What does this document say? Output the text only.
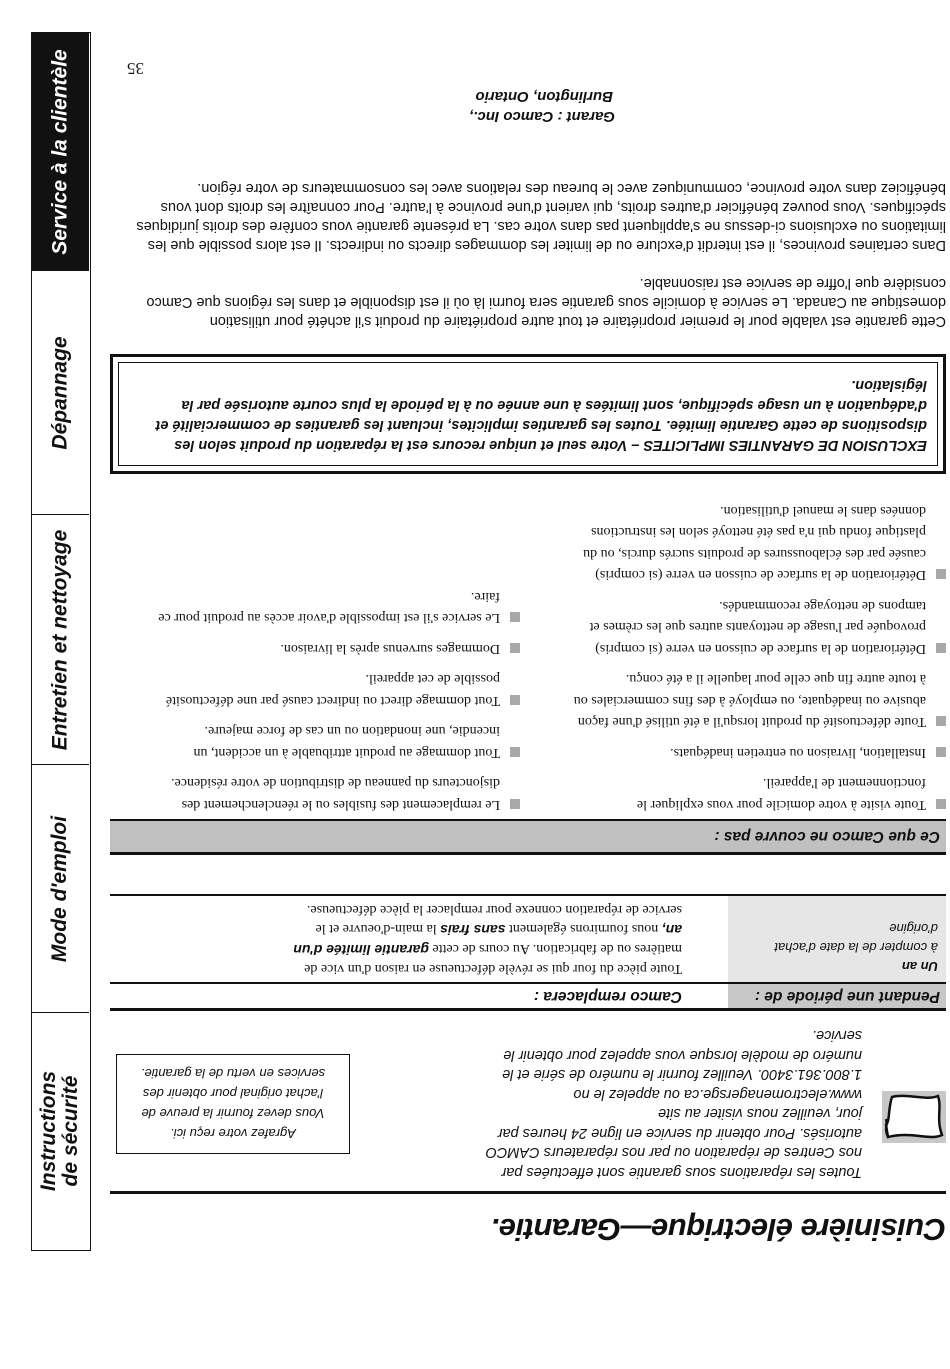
Service à la clientèle
Dépannage
Entretien et nettoyage
Mode d'emploi
Instructions de sécurité
Cuisinière électrique—Garantie.

Toutes les réparations sous garantie sont effectuées par nos Centres de réparation ou par nos réparateurs CAMCO autorisés. Pour obtenir du service en ligne 24 heures par jour, veuillez nous visiter au site www.electromenagersge.ca ou appelez le no 1.800.361.3400. Veuillez fournir le numéro de série et le numéro de modèle lorsque vous appelez pour obtenir le service.

Agrafez votre reçu ici.
Vous devez fournir la preuve de l'achat original pour obtenir des services en vertu de la garantie.
Pendant une période de :
Camco remplacera :
Un an
à compter de la date d'achat d'origine

Toute pièce du four qui se révèle défectueuse en raison d'un vice de matières ou de fabrication. Au cours de cette garantie limitée d'un an, nous fournirons également sans frais la main-d'oeuvre et le service de réparation connexe pour remplacer la pièce défectueuse.

Ce que Camco ne couvre pas :
Toute visite à votre domicile pour vous expliquer le fonctionnement de l'appareil.
Installation, livraison ou entretien inadéquats.
Toute défectuosité du produit lorsqu'il a été utilisé d'une façon abusive ou inadéquate, ou employé à des fins commerciales ou à toute autre fin que celle pour laquelle il a été conçu.
Détérioration de la surface de cuisson en verre (si compris) provoquée par l'usage de nettoyants autres que les crèmes et tampons de nettoyage recommandés.
Détérioration de la surface de cuisson en verre (si compris) causée par des éclaboussures de produits sucrés durcis, ou du plastique fondu qui n'a pas été nettoyé selon les instructions données dans le manuel d'utilisation.
Le remplacement des fusibles ou le réenclenchement des disjoncteurs du panneau de distribution de votre résidence.
Tout dommage au produit attribuable à un accident, un incendie, une inondation ou un cas de force majeure.
Tout dommage direct ou indirect causé par une défectuosité possible de cet appareil.
Dommages survenus après la livraison.
Le service s'il est impossible d'avoir accès au produit pour ce faire.
EXCLUSION DE GARANTIES IMPLICITES – Votre seul et unique recours est la réparation du produit selon les dispositions de cette Garantie limitée. Toutes les garanties implicites, incluant les garanties de commercialité et d'adéquation à un usage spécifique, sont limitées à une année ou à la période la plus courte autorisée par la législation.

Cette garantie est valable pour le premier propriétaire et tout autre propriétaire du produit s'il achété pour utilisation domestique au Canada. Le service à domicile sous garantie sera fourni là où il est disponible et dans les régions que Camco considère que l'offre de service est raisonnable.

Dans certaines provinces, il est interdit d'exclure ou de limiter les dommages directs ou indirects. Il est alors possible que les limitations ou exclusions ci-dessus ne s'appliquent pas dans votre cas. La présente garantie vous confère des droits juridiques spécifiques. Vous pouvez bénéficier d'autres droits, qui varient d'une province à l'autre. Pour connaître les droits dont vous bénéficiez dans votre province, communiquez avec le bureau des relations avec les consommateurs de votre région.

Garant : Camco Inc.,
Burlington, Ontario
35
